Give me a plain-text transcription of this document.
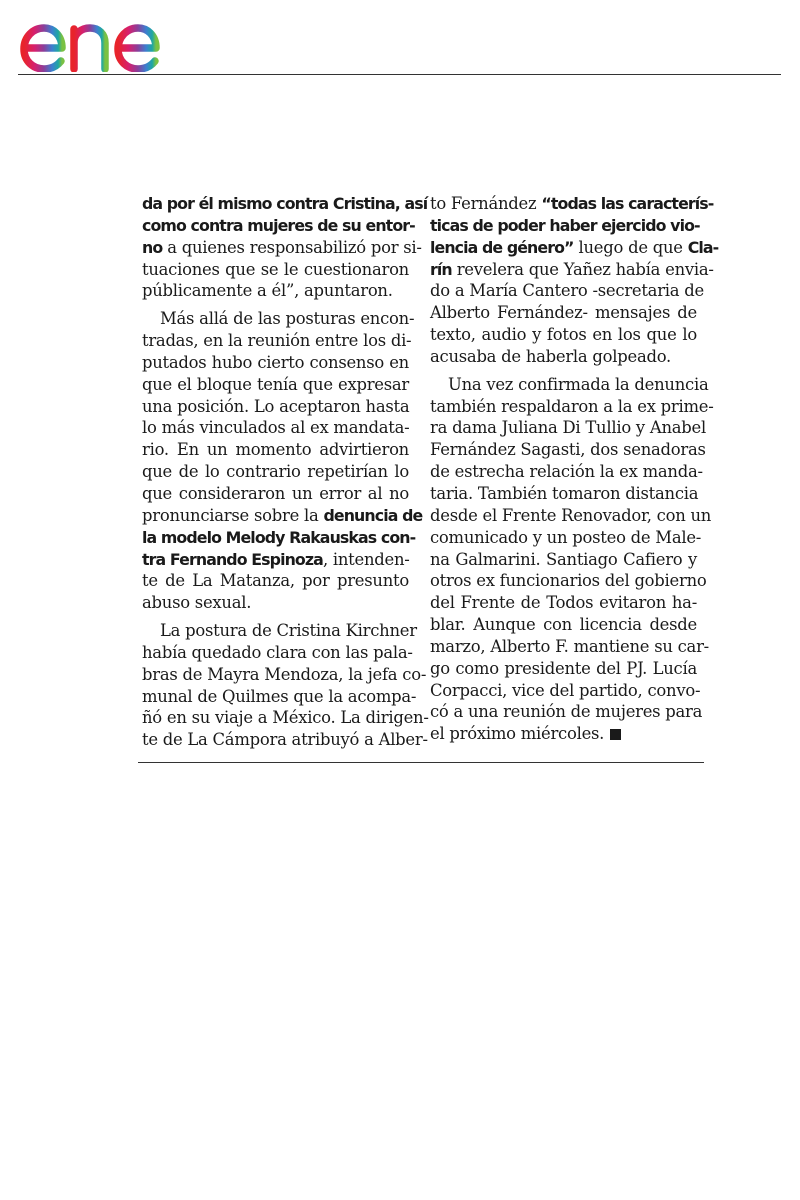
da por él mismo contra Cristina, así
como contra mujeres de su entor-
no a quienes responsabilizó por si-
tuaciones que se le cuestionaron
públicamente a él”, apuntaron.
Más allá de las posturas encon-
tradas, en la reunión entre los di-
putados hubo cierto consenso en
que el bloque tenía que expresar
una posición. Lo aceptaron hasta
lo más vinculados al ex mandata-
rio. En un momento advirtieron
que de lo contrario repetirían lo
que consideraron un error al no
pronunciarse sobre la denuncia de
la modelo Melody Rakauskas con-
tra Fernando Espinoza, intenden-
te de La Matanza, por presunto
abuso sexual.
La postura de Cristina Kirchner
había quedado clara con las pala-
bras de Mayra Mendoza, la jefa co-
munal de Quilmes que la acompa-
ñó en su viaje a México. La dirigen-
te de La Cámpora atribuyó a Alber-
to Fernández “todas las caracterís-
ticas de poder haber ejercido vio-
lencia de género” luego de que Cla-
rín revelera que Yañez había envia-
do a María Cantero -secretaria de
Alberto Fernández- mensajes de
texto, audio y fotos en los que lo
acusaba de haberla golpeado.
Una vez confirmada la denuncia
también respaldaron a la ex prime-
ra dama Juliana Di Tullio y Anabel
Fernández Sagasti, dos senadoras
de estrecha relación la ex manda-
taria. También tomaron distancia
desde el Frente Renovador, con un
comunicado y un posteo de Male-
na Galmarini. Santiago Cafiero y
otros ex funcionarios del gobierno
del Frente de Todos evitaron ha-
blar. Aunque con licencia desde
marzo, Alberto F. mantiene su car-
go como presidente del PJ. Lucía
Corpacci, vice del partido, convo-
có a una reunión de mujeres para
el próximo miércoles.
